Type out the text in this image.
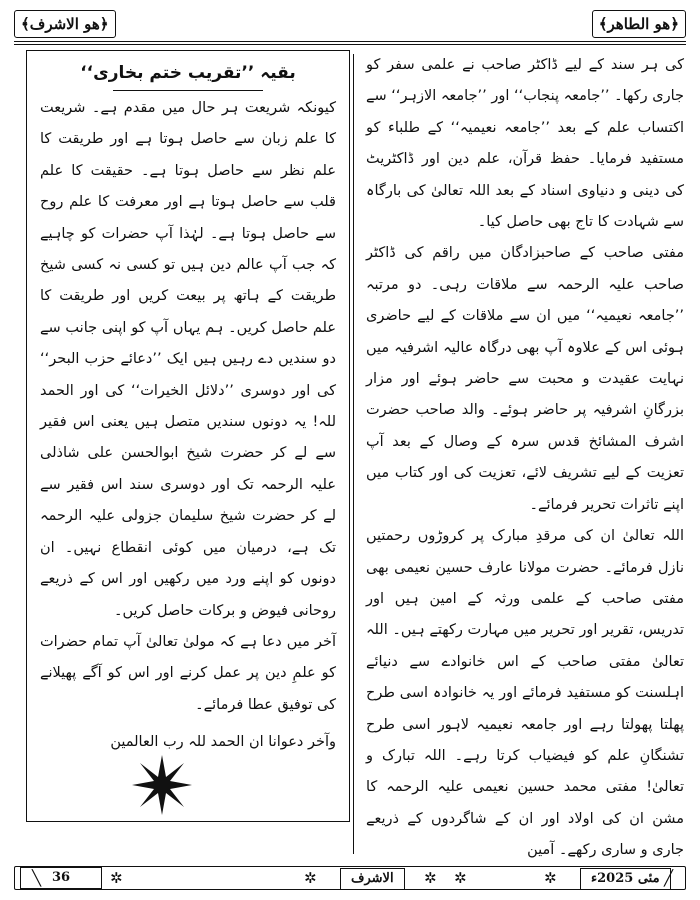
﴿ھو الاشرف﴾	﴿ھو الطاھر﴾

کی ہر سند کے لیے ڈاکٹر صاحب نے علمی سفر کو جاری رکھا۔ ’’جامعہ پنجاب‘‘ اور ’’جامعہ الازہر‘‘ سے اکتساب علم کے بعد ’’جامعہ نعیمیہ‘‘ کے طلباء کو مستفید فرمایا۔ حفظ قرآن، علم دین اور ڈاکٹریٹ کی دینی و دنیاوی اسناد کے بعد اللہ تعالیٰ کی بارگاہ سے شہادت کا تاج بھی حاصل کیا۔

مفتی صاحب کے صاحبزادگان میں راقم کی ڈاکٹر صاحب علیہ الرحمہ سے ملاقات رہی۔ دو مرتبہ ’’جامعہ نعیمیہ‘‘ میں ان سے ملاقات کے لیے حاضری ہوئی اس کے علاوہ آپ بھی درگاہ عالیہ اشرفیہ میں نہایت عقیدت و محبت سے حاضر ہوئے اور مزار بزرگانِ اشرفیہ پر حاضر ہوئے۔ والد صاحب حضرت اشرف المشائخ قدس سرہ کے وصال کے بعد آپ تعزیت کے لیے تشریف لائے، تعزیت کی اور کتاب میں اپنے تاثرات تحریر فرمائے۔

اللہ تعالیٰ ان کی مرقدِ مبارک پر کروڑوں رحمتیں نازل فرمائے۔ حضرت مولانا عارف حسین نعیمی بھی مفتی صاحب کے علمی ورثہ کے امین ہیں اور تدریس، تقریر اور تحریر میں مہارت رکھتے ہیں۔ اللہ تعالیٰ مفتی صاحب کے اس خانوادے سے دنیائے اہلسنت کو مستفید فرمائے اور یہ خانوادہ اسی طرح پھلتا پھولتا رہے اور جامعہ نعیمیہ لاہور اسی طرح تشنگانِ علم کو فیضیاب کرتا رہے۔ اللہ تبارک و تعالیٰ! مفتی محمد حسین نعیمی علیہ الرحمہ کا مشن ان کی اولاد اور ان کے شاگردوں کے ذریعے جاری و ساری رکھے۔ آمین

بقیہ ’’تقریب ختم بخاری‘‘

کیونکہ شریعت ہر حال میں مقدم ہے۔ شریعت کا علم زبان سے حاصل ہوتا ہے اور طریقت کا علم نظر سے حاصل ہوتا ہے۔ حقیقت کا علم قلب سے حاصل ہوتا ہے اور معرفت کا علم روح سے حاصل ہوتا ہے۔ لہٰذا آپ حضرات کو چاہیے کہ جب آپ عالم دین ہیں تو کسی نہ کسی شیخ طریقت کے ہاتھ پر بیعت کریں اور طریقت کا علم حاصل کریں۔ ہم یہاں آپ کو اپنی جانب سے دو سندیں دے رہیں ہیں ایک ’’دعائے حزب البحر‘‘ کی اور دوسری ’’دلائل الخیرات‘‘ کی اور الحمد للہ! یہ دونوں سندیں متصل ہیں یعنی اس فقیر سے لے کر حضرت شیخ ابوالحسن علی شاذلی علیہ الرحمہ تک اور دوسری سند اس فقیر سے لے کر حضرت شیخ سلیمان جزولی علیہ الرحمہ تک ہے، درمیان میں کوئی انقطاع نہیں۔ ان دونوں کو اپنے ورد میں رکھیں اور اس کے ذریعے روحانی فیوض و برکات حاصل کریں۔

آخر میں دعا ہے کہ مولیٰ تعالیٰ آپ تمام حضرات کو علمِ دین پر عمل کرنے اور اس کو آگے پھیلانے کی توفیق عطا فرمائے۔

وآخر دعوانا ان الحمد للہ رب العالمین

╲ 36	✲	✲	الاشرف	✲ ✲	✲	مئی 2025ء ╱
